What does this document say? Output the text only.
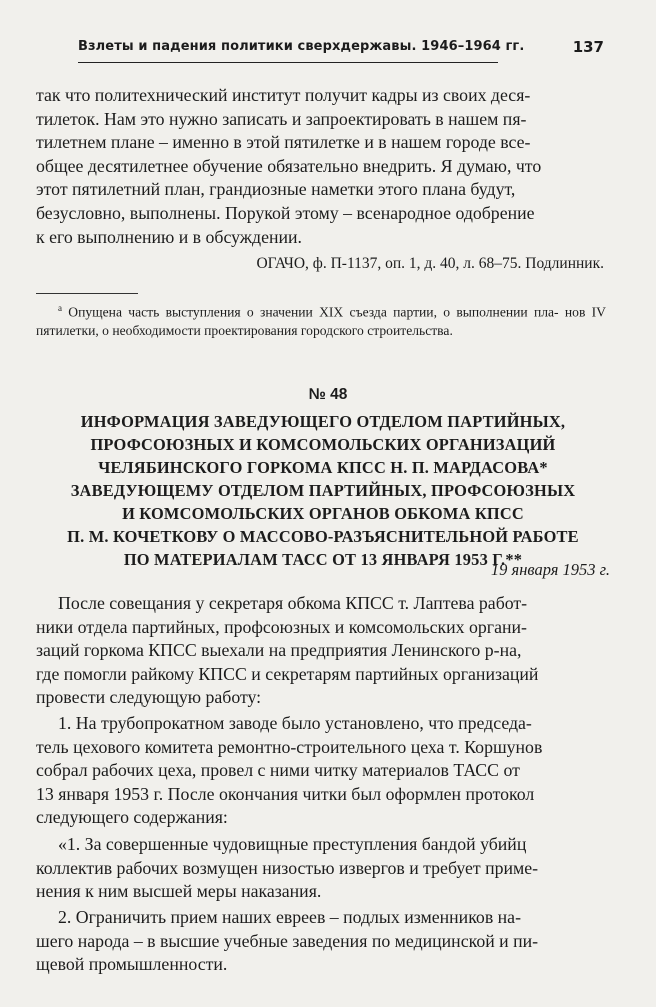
Взлеты и падения политики сверхдержавы. 1946–1964 гг.	137
так что политехнический институт получит кадры из своих деся-
тилеток. Нам это нужно записать и запроектировать в нашем пя-
тилетнем плане – именно в этой пятилетке и в нашем городе все-
общее десятилетнее обучение обязательно внедрить. Я думаю, что
этот пятилетний план, грандиозные наметки этого плана будут,
безусловно, выполнены. Порукой этому – всенародное одобрение
к его выполнению и в обсуждении.
ОГАЧО, ф. П-1137, оп. 1, д. 40, л. 68–75. Подлинник.
$^а$ Опущена часть выступления о значении XIX съезда партии, о выполнении пла- нов IV пятилетки, о необходимости проектирования городского строительства.
№ 48
ИНФОРМАЦИЯ ЗАВЕДУЮЩЕГО ОТДЕЛОМ ПАРТИЙНЫХ,
ПРОФСОЮЗНЫХ И КОМСОМОЛЬСКИХ ОРГАНИЗАЦИЙ
ЧЕЛЯБИНСКОГО ГОРКОМА КПСС Н. П. МАРДАСОВА*
ЗАВЕДУЮЩЕМУ ОТДЕЛОМ ПАРТИЙНЫХ, ПРОФСОЮЗНЫХ
И КОМСОМОЛЬСКИХ ОРГАНОВ ОБКОМА КПСС
П. М. КОЧЕТКОВУ О МАССОВО-РАЗЪЯСНИТЕЛЬНОЙ РАБОТЕ
ПО МАТЕРИАЛАМ ТАСС ОТ 13 ЯНВАРЯ 1953 Г.**
19 января 1953 г.
После совещания у секретаря обкома КПСС т. Лаптева работ-
ники отдела партийных, профсоюзных и комсомольских органи-
заций горкома КПСС выехали на предприятия Ленинского р-на,
где помогли райкому КПСС и секретарям партийных организаций
провести следующую работу:
1. На трубопрокатном заводе было установлено, что председа-
тель цехового комитета ремонтно-строительного цеха т. Коршунов
собрал рабочих цеха, провел с ними читку материалов ТАСС от
13 января 1953 г. После окончания читки был оформлен протокол
следующего содержания:
«1. За совершенные чудовищные преступления бандой убийц
коллектив рабочих возмущен низостью извергов и требует приме-
нения к ним высшей меры наказания.
2. Ограничить прием наших евреев – подлых изменников на-
шего народа – в высшие учебные заведения по медицинской и пи-
щевой промышленности.
